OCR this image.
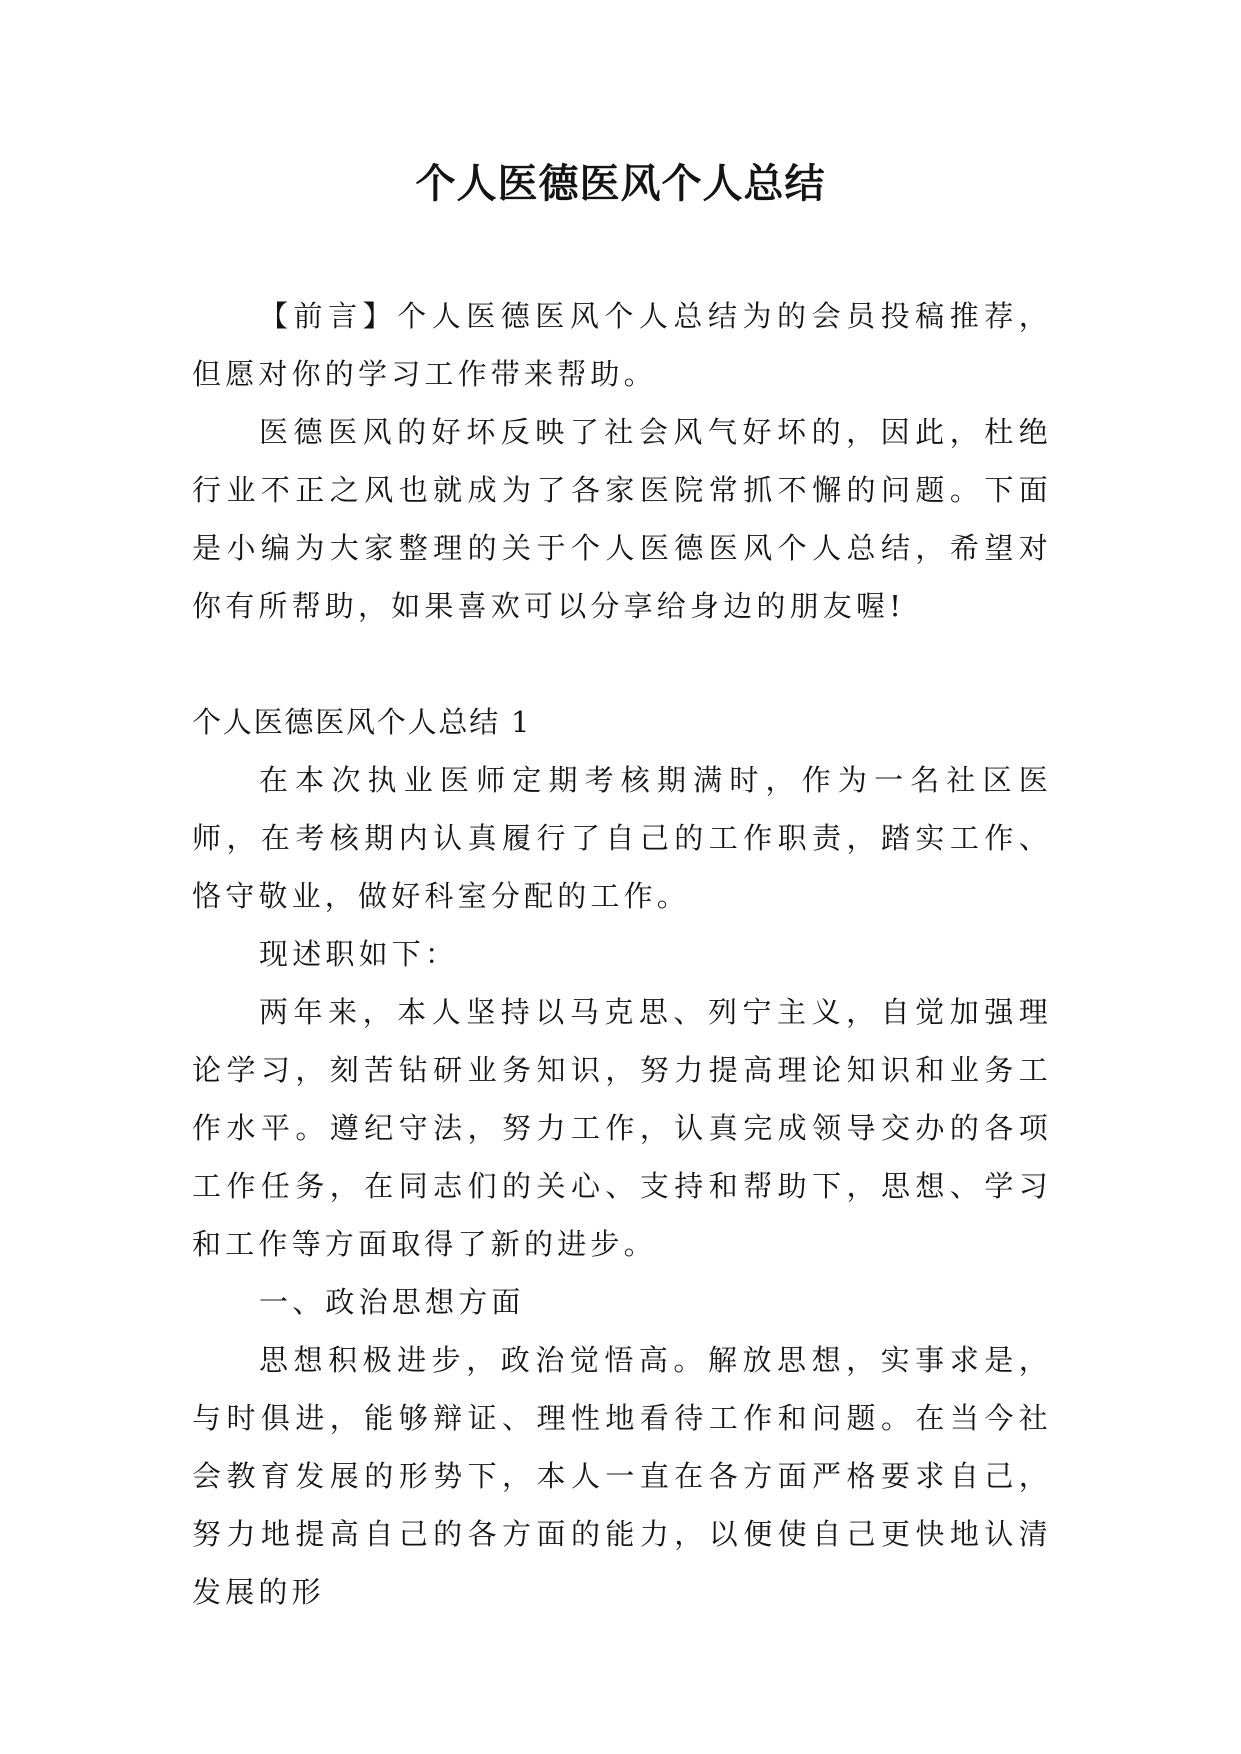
个人医德医风个人总结

【前言】个人医德医风个人总结为的会员投稿推荐，但愿对你的学习工作带来帮助。

医德医风的好坏反映了社会风气好坏的，因此，杜绝行业不正之风也就成为了各家医院常抓不懈的问题。下面是小编为大家整理的关于个人医德医风个人总结，希望对你有所帮助，如果喜欢可以分享给身边的朋友喔!

个人医德医风个人总结 1

在本次执业医师定期考核期满时，作为一名社区医师，在考核期内认真履行了自己的工作职责，踏实工作、恪守敬业，做好科室分配的工作。

现述职如下：

两年来，本人坚持以马克思、列宁主义，自觉加强理论学习，刻苦钻研业务知识，努力提高理论知识和业务工作水平。遵纪守法，努力工作，认真完成领导交办的各项工作任务，在同志们的关心、支持和帮助下，思想、学习和工作等方面取得了新的进步。

一、政治思想方面

思想积极进步，政治觉悟高。解放思想，实事求是，与时俱进，能够辩证、理性地看待工作和问题。在当今社会教育发展的形势下，本人一直在各方面严格要求自己，努力地提高自己的各方面的能力，以便使自己更快地认清发展的形
